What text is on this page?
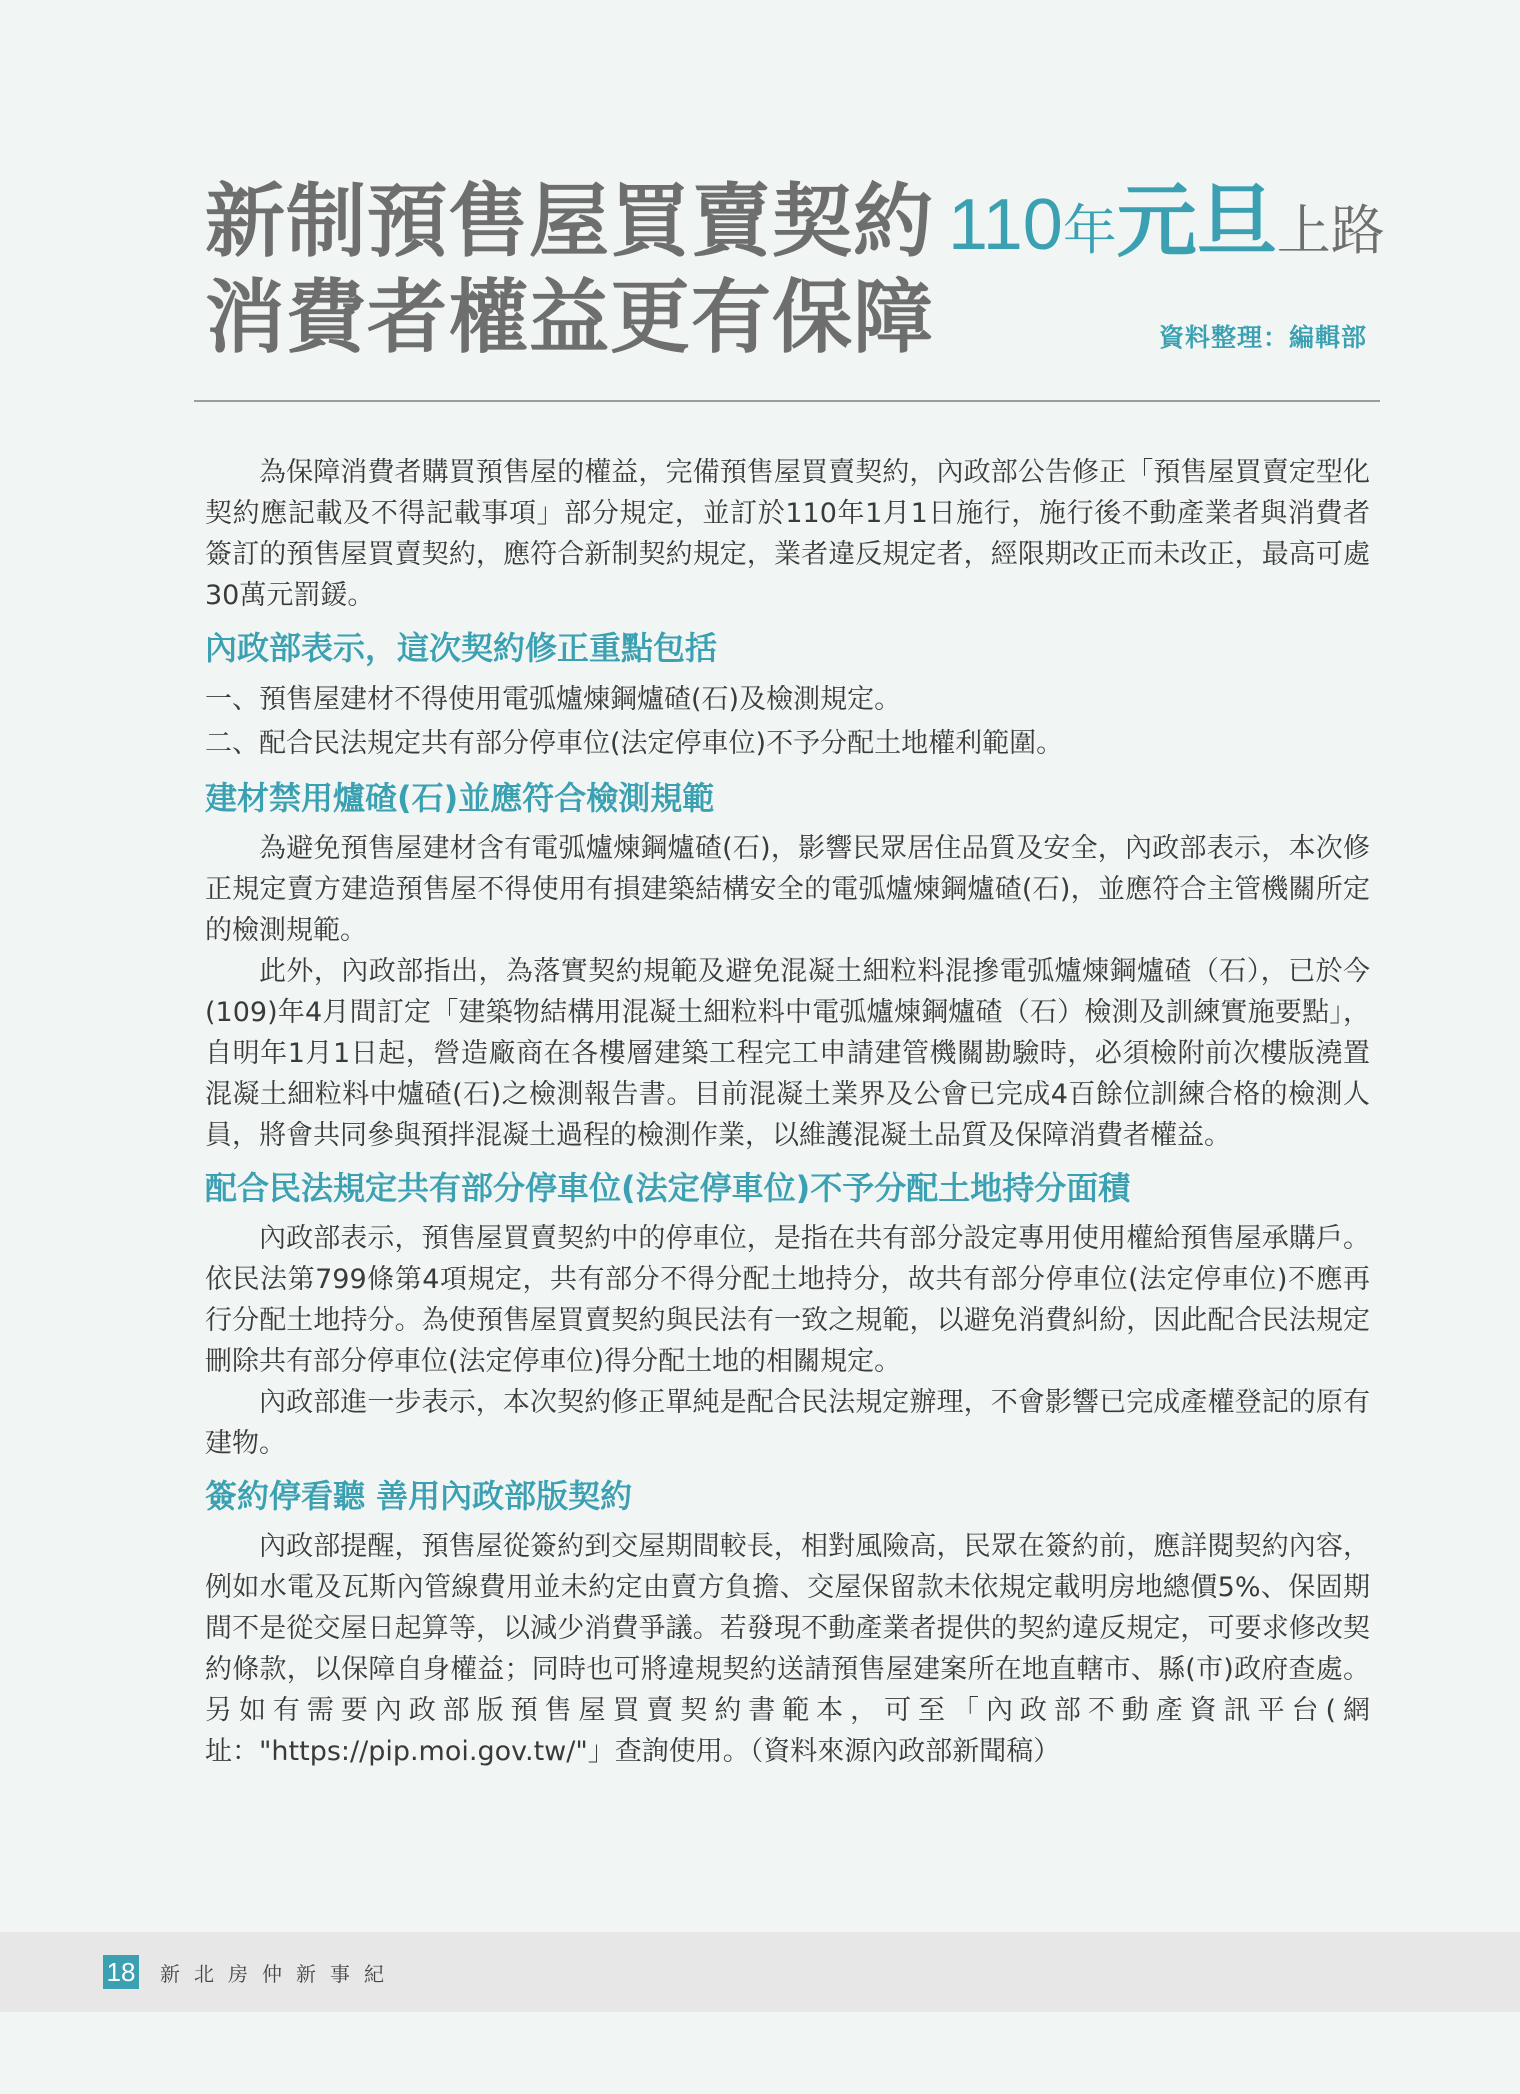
新制預售屋買賣契約 110年元旦上路
消費者權益更有保障	資料整理：編輯部

為保障消費者購買預售屋的權益，完備預售屋買賣契約，內政部公告修正「預售屋買賣定型化契約應記載及不得記載事項」部分規定，並訂於110年1月1日施行，施行後不動產業者與消費者簽訂的預售屋買賣契約，應符合新制契約規定，業者違反規定者，經限期改正而未改正，最高可處30萬元罰鍰。

內政部表示，這次契約修正重點包括

一、預售屋建材不得使用電弧爐煉鋼爐碴(石)及檢測規定。

二、配合民法規定共有部分停車位(法定停車位)不予分配土地權利範圍。

建材禁用爐碴(石)並應符合檢測規範

為避免預售屋建材含有電弧爐煉鋼爐碴(石)，影響民眾居住品質及安全，內政部表示，本次修正規定賣方建造預售屋不得使用有損建築結構安全的電弧爐煉鋼爐碴(石)，並應符合主管機關所定的檢測規範。

此外，內政部指出，為落實契約規範及避免混凝土細粒料混摻電弧爐煉鋼爐碴（石），已於今(109)年4月間訂定「建築物結構用混凝土細粒料中電弧爐煉鋼爐碴（石）檢測及訓練實施要點」，自明年1月1日起，營造廠商在各樓層建築工程完工申請建管機關勘驗時，必須檢附前次樓版澆置混凝土細粒料中爐碴(石)之檢測報告書。目前混凝土業界及公會已完成4百餘位訓練合格的檢測人員，將會共同參與預拌混凝土過程的檢測作業，以維護混凝土品質及保障消費者權益。

配合民法規定共有部分停車位(法定停車位)不予分配土地持分面積

內政部表示，預售屋買賣契約中的停車位，是指在共有部分設定專用使用權給預售屋承購戶。依民法第799條第4項規定，共有部分不得分配土地持分，故共有部分停車位(法定停車位)不應再行分配土地持分。為使預售屋買賣契約與民法有一致之規範，以避免消費糾紛，因此配合民法規定刪除共有部分停車位(法定停車位)得分配土地的相關規定。

內政部進一步表示，本次契約修正單純是配合民法規定辦理，不會影響已完成產權登記的原有建物。

簽約停看聽 善用內政部版契約

內政部提醒，預售屋從簽約到交屋期間較長，相對風險高，民眾在簽約前，應詳閱契約內容，例如水電及瓦斯內管線費用並未約定由賣方負擔、交屋保留款未依規定載明房地總價5%、保固期間不是從交屋日起算等，以減少消費爭議。若發現不動產業者提供的契約違反規定，可要求修改契約條款，以保障自身權益；同時也可將違規契約送請預售屋建案所在地直轄市、縣(市)政府查處。另如有需要內政部版預售屋買賣契約書範本，可至「內政部不動產資訊平台(網址："https://pip.moi.gov.tw/"」查詢使用。（資料來源內政部新聞稿）

18 新北房仲新事紀
